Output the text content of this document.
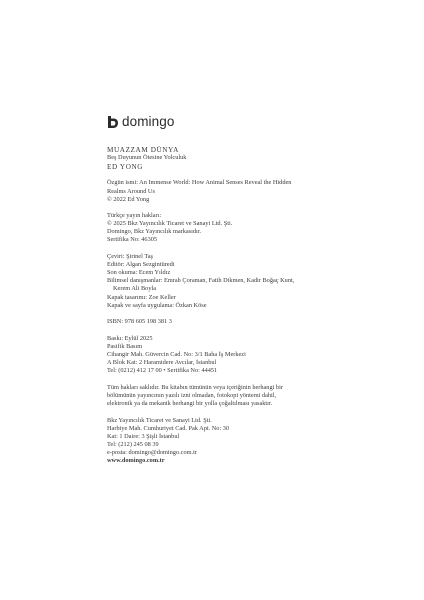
domingo
MUAZZAM DÜNYA
Beş Duyunun Ötesine Yolculuk
ED YONG
Özgün ismi: An Immense World: How Animal Senses Reveal the Hidden
Realms Around Us
© 2022 Ed Yong
Türkçe yayın hakları:
© 2025 Bkz Yayıncılık Ticaret ve Sanayi Ltd. Şti.
Domingo, Bkz Yayıncılık markasıdır.
Sertifika No: 46305
Çeviri: Şirinel Taş
Editör: Algan Sezgintüredi
Son okuma: Ecem Yıldız
Bilimsel danışmanlar: Emrah Çoraman, Fatih Dikmen, Kadir Boğaç Kunt,
Kerem Ali Boyla
Kapak tasarımı: Zoe Keller
Kapak ve sayfa uygulama: Özkan Köse
ISBN: 978 605 198 381 3
Baskı: Eylül 2025
Pasifik Basım
Cihangir Mah. Güvercin Cad. No: 3/1 Baha İş Merkezi
A Blok Kat: 2 Haramidere Avcılar, İstanbul
Tel: (0212) 412 17 00 • Sertifika No: 44451
Tüm hakları saklıdır. Bu kitabın tümünün veya içeriğinin herhangi bir bölümünün yayıncının yazılı izni olmadan, fotokopi yöntemi dahil, elektronik ya da mekanik herhangi bir yolla çoğaltılması yasaktır.
Bkz Yayıncılık Ticaret ve Sanayi Ltd. Şti.
Harbiye Mah. Cumhuriyet Cad. Pak Apt. No: 30
Kat: 1 Daire: 3 Şişli İstanbul
Tel: (212) 245 08 39
e-posta: domingo@domingo.com.tr
www.domingo.com.tr
